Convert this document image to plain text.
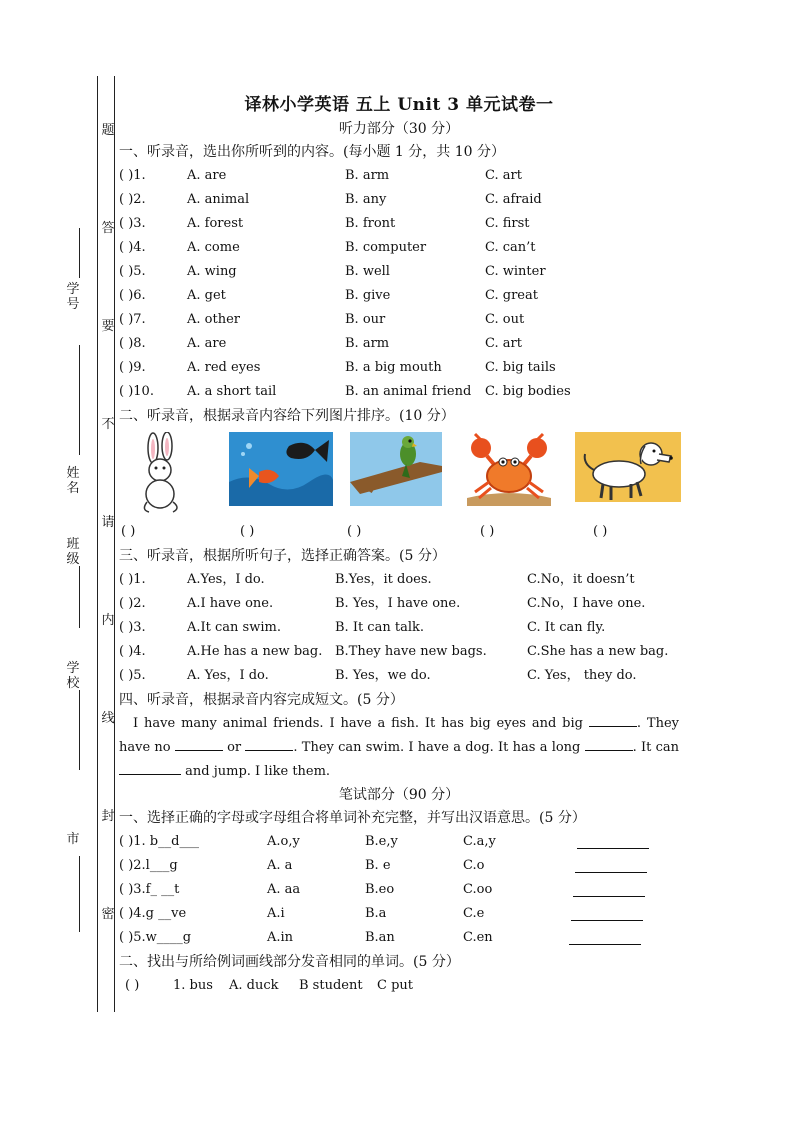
题
答
要
不
请
内
线
封
密
学号
姓名
班级
学校
市
译林小学英语 五上 Unit 3 单元试卷一
听力部分（30 分）
一、听录音，选出你所听到的内容。(每小题 1 分，共 10 分）
( )1.	A. are	B. arm	C. art
( )2.	A. animal	B. any	C. afraid
( )3.	A. forest	B. front	C. first
( )4.	A. come	B. computer	C. can’t
( )5.	A. wing	B. well	C. winter
( )6.	A. get	B. give	C. great
( )7.	A. other	B. our	C. out
( )8.	A. are	B. arm	C. art
( )9.	A. red eyes	B. a big mouth	C. big tails
( )10.	A. a short tail	B. an animal friend C. big bodies
二、听录音，根据录音内容给下列图片排序。(10 分）
( )	( )	( )	( )	( )
三、听录音，根据所听句子，选择正确答案。(5 分）
( )1.	A.Yes，I do.	B.Yes，it does.	C.No，it doesn’t
( )2.	A.I have one.	B. Yes，I have one.	C.No，I have one.
( )3.	A.It can swim.	B. It can talk.	C. It can fly.
( )4.	A.He has a new bag. B.They have new bags.	C.She has a new bag.
( )5.	A. Yes，I do.	B. Yes，we do.	C. Yes， they do.
四、听录音，根据录音内容完成短文。(5 分）
I have many animal friends. I have a fish. It has big eyes and big	. They have no	or	. They can swim. I have a dog. It has a long	. It can  and jump. I like them.
笔试部分（90 分）
一、选择正确的字母或字母组合将单词补充完整，并写出汉语意思。(5 分）
( )1. b__d___	A.o,y	B.e,y	C.a,y
( )2.l___g	A. a	B. e	C.o
( )3.f_ __t	A. aa	B.eo	C.oo
( )4.g __ve	A.i	B.a	C.e
( )5.w____g	A.in	B.an	C.en
二、找出与所给例词画线部分发音相同的单词。(5 分）
( )	1. bus A. duck B student C put
